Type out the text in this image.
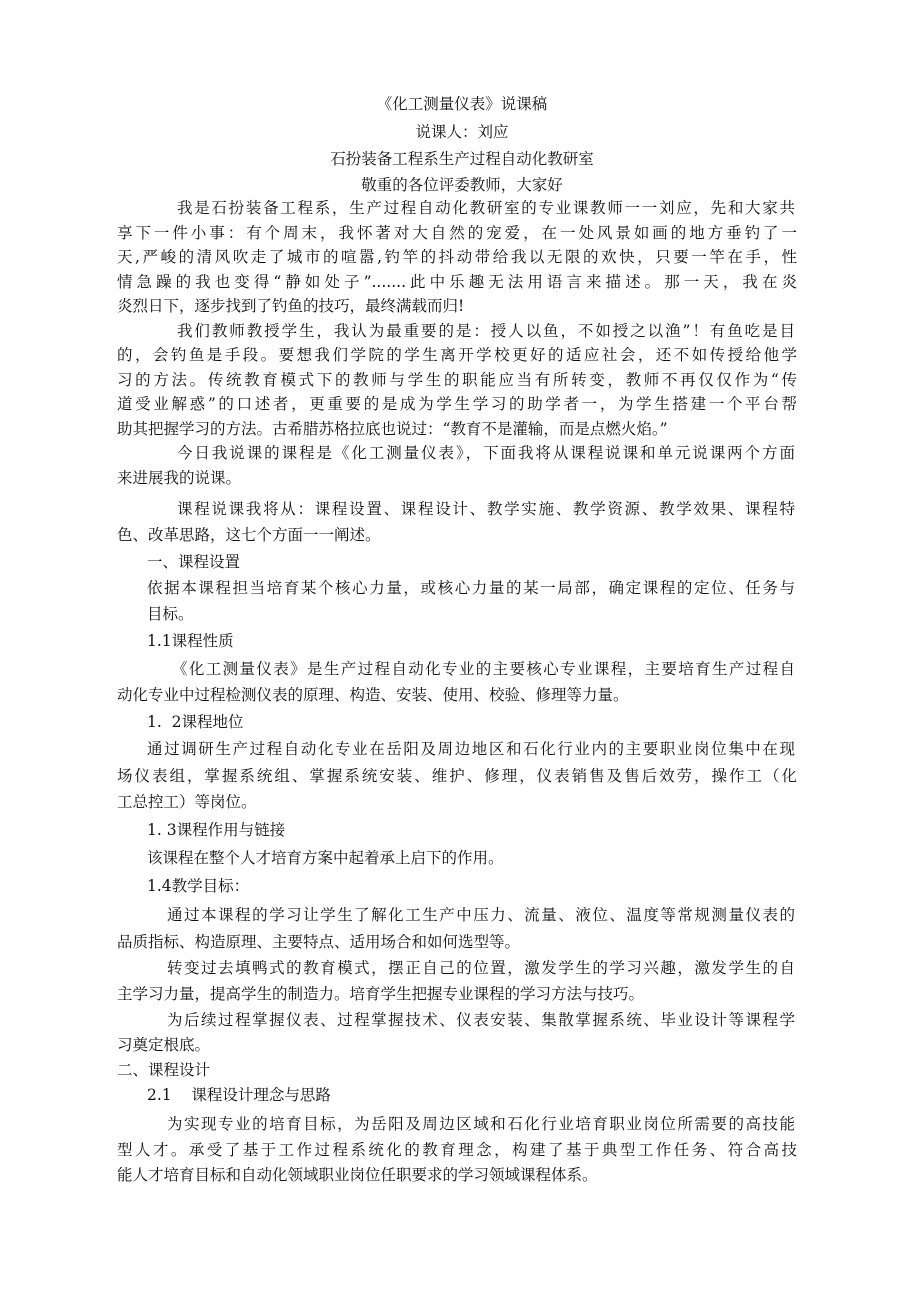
《化工测量仪表》说课稿
说课人：刘应
石扮装备工程系生产过程自动化教研室
敬重的各位评委教师，大家好
我是石扮装备工程系，生产过程自动化教研室的专业课教师一一刘应，先和大家共
享下一件小事：有个周末，我怀著对大自然的宠爱，在一处风景如画的地方垂钓了一
天,严峻的清风吹走了城市的喧嚣,钓竿的抖动带给我以无限的欢快，只要一竿在手，性
情急躁的我也变得“静如处子”.......此中乐趣无法用语言来描述。那一天，我在炎
炎烈日下，逐步找到了钓鱼的技巧，最终满载而归!
我们教师教授学生，我认为最重要的是：授人以鱼，不如授之以渔”！有鱼吃是目
的，会钓鱼是手段。要想我们学院的学生离开学校更好的适应社会，还不如传授给他学
习的方法。传统教育模式下的教师与学生的职能应当有所转变，教师不再仅仅作为“传
道受业解惑”的口述者，更重要的是成为学生学习的助学者一，为学生搭建一个平台帮
助其把握学习的方法。古希腊苏格拉底也说过：“教育不是灌输，而是点燃火焰。”
今日我说课的课程是《化工测量仪表》，下面我将从课程说课和单元说课两个方面
来进展我的说课。
课程说课我将从：课程设置、课程设计、教学实施、教学资源、教学效果、课程特
色、改革思路，这七个方面一一阐述。
一、课程设置
依据本课程担当培育某个核心力量，或核心力量的某一局部，确定课程的定位、任务与
目标。
1.1课程性质
《化工测量仪表》是生产过程自动化专业的主要核心专业课程，主要培育生产过程自
动化专业中过程检测仪表的原理、构造、安装、使用、校验、修理等力量。
1.  2课程地位
通过调研生产过程自动化专业在岳阳及周边地区和石化行业内的主要职业岗位集中在现
场仪表组，掌握系统组、掌握系统安装、维护、修理，仪表销售及售后效劳，操作工（化
工总控工）等岗位。
1. 3课程作用与链接
该课程在整个人才培育方案中起着承上启下的作用。
1.4教学目标：
通过本课程的学习让学生了解化工生产中压力、流量、液位、温度等常规测量仪表的
品质指标、构造原理、主要特点、适用场合和如何选型等。
转变过去填鸭式的教育模式，摆正自己的位置，激发学生的学习兴趣，激发学生的自
主学习力量，提高学生的制造力。培育学生把握专业课程的学习方法与技巧。
为后续过程掌握仪表、过程掌握技术、仪表安装、集散掌握系统、毕业设计等课程学
习奠定根底。
二、课程设计
2.1    课程设计理念与思路
为实现专业的培育目标，为岳阳及周边区域和石化行业培育职业岗位所需要的高技能
型人才。承受了基于工作过程系统化的教育理念，构建了基于典型工作任务、符合高技
能人才培育目标和自动化领域职业岗位任职要求的学习领域课程体系。
